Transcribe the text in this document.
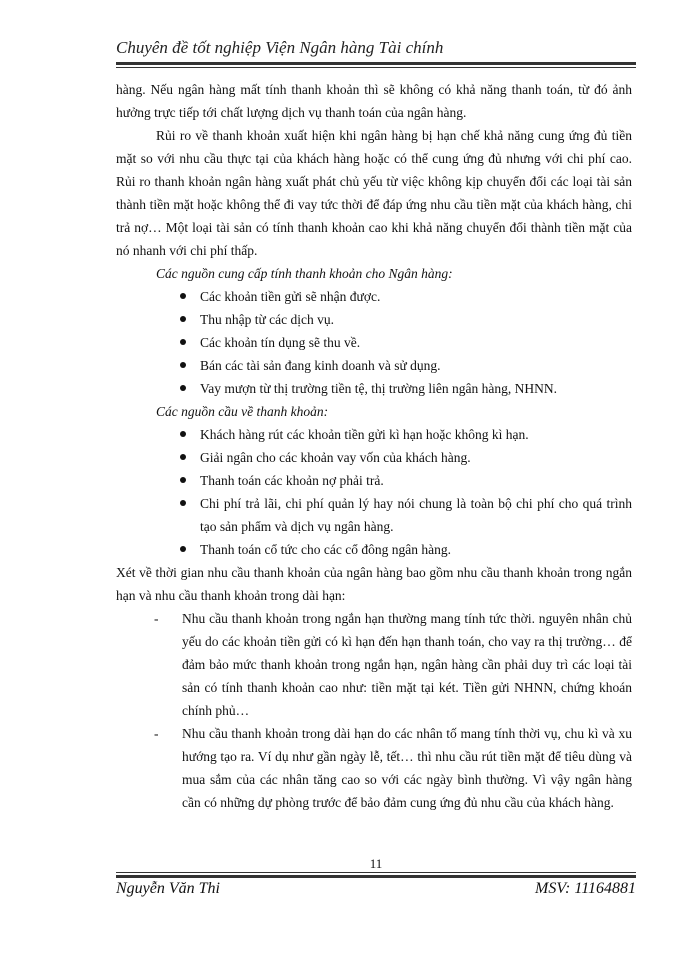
Chuyên đề tốt nghiệp Viện Ngân hàng Tài chính

hàng. Nếu ngân hàng mất tính thanh khoản thì sẽ không có khả năng thanh toán, từ đó ảnh hưởng trực tiếp tới chất lượng dịch vụ thanh toán của ngân hàng.

Rủi ro về thanh khoản xuất hiện khi ngân hàng bị hạn chế khả năng cung ứng đủ tiền mặt so với nhu cầu thực tại của khách hàng hoặc có thể cung ứng đủ nhưng với chi phí cao. Rủi ro thanh khoản ngân hàng xuất phát chủ yếu từ việc không kịp chuyển đổi các loại tài sản thành tiền mặt hoặc không thể đi vay tức thời để đáp ứng nhu cầu tiền mặt của khách hàng, chi trả nợ… Một loại tài sản có tính thanh khoản cao khi khả năng chuyển đổi thành tiền mặt của nó nhanh với chi phí thấp.

Các nguồn cung cấp tính thanh khoản cho Ngân hàng:

Các khoản tiền gửi sẽ nhận được.
Thu nhập từ các dịch vụ.
Các khoản tín dụng sẽ thu về.
Bán các tài sản đang kinh doanh và sử dụng.
Vay mượn từ thị trường tiền tệ, thị trường liên ngân hàng, NHNN.

Các nguồn cầu về thanh khoản:

Khách hàng rút các khoản tiền gửi kì hạn hoặc không kì hạn.
Giải ngân cho các khoản vay vốn của khách hàng.
Thanh toán các khoản nợ phải trả.
Chi phí trả lãi, chi phí quản lý hay nói chung là toàn bộ chi phí cho quá trình tạo sản phẩm và dịch vụ ngân hàng.
Thanh toán cổ tức cho các cổ đông ngân hàng.

Xét về thời gian nhu cầu thanh khoản của ngân hàng bao gồm nhu cầu thanh khoản trong ngắn hạn và nhu cầu thanh khoản trong dài hạn:

- Nhu cầu thanh khoản trong ngắn hạn thường mang tính tức thời. nguyên nhân chủ yếu do các khoản tiền gửi có kì hạn đến hạn thanh toán, cho vay ra thị trường… để đảm bảo mức thanh khoản trong ngắn hạn, ngân hàng cần phải duy trì các loại tài sản có tính thanh khoản cao như: tiền mặt tại két. Tiền gửi NHNN, chứng khoán chính phủ…
- Nhu cầu thanh khoản trong dài hạn do các nhân tố mang tính thời vụ, chu kì và xu hướng tạo ra. Ví dụ như gần ngày lễ, tết… thì nhu cầu rút tiền mặt để tiêu dùng và mua sắm của các nhân tăng cao so với các ngày bình thường. Vì vậy ngân hàng cần có những dự phòng trước để bảo đảm cung ứng đủ nhu cầu của khách hàng.
11
Nguyễn Văn Thi	MSV: 11164881
